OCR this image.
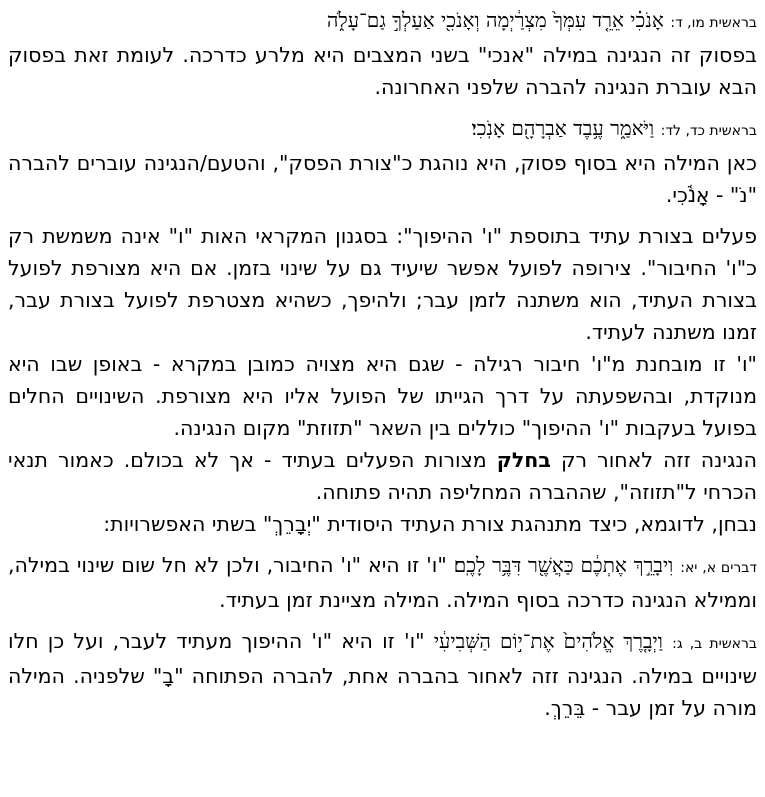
בראשית מו, ד: אָנֹכִ֗י אֵרֵ֤ד עִמְּךָ֙ מִצְרַ֔יְמָה וְאָנֹכִ֖י אַעַלְךָ֣ גַם־עָלֹ֑ה

בפסוק זה הנגינה במילה "אנכי" בשני המצבים היא מלרע כדרכה. לעומת זאת בפסוק הבא עוברת הנגינה להברה שלפני האחרונה.

בראשית כד, לד: וַיֹּאמַ֑ר עֶ֥בֶד אַבְרָהָ֖ם אָנֹֽכִי׃

כאן המילה היא בסוף פסוק, היא נוהגת כ"צורת הפסק", והטעם/הנגינה עוברים להברה "נֹ" - אָנֹ֫כִי.

פעלים בצורת עתיד בתוספת "ו' ההיפוך": בסגנון המקראי האות "ו" אינה משמשת רק כ"ו' החיבור". צירופה לפועל אפשר שיעיד גם על שינוי בזמן. אם היא מצורפת לפועל בצורת העתיד, הוא משתנה לזמן עבר; ולהיפך, כשהיא מצטרפת לפועל בצורת עבר, זמנו משתנה לעתיד.

"ו' זו מובחנת מ"ו' חיבור רגילה - שגם היא מצויה כמובן במקרא - באופן שבו היא מנוקדת, ובהשפעתה על דרך הגייתו של הפועל אליו היא מצורפת. השינויים החלים בפועל בעקבות "ו' ההיפוך" כוללים בין השאר "תזוזת" מקום הנגינה.

הנגינה זזה לאחור רק בחלק מצורות הפעלים בעתיד - אך לא בכולם. כאמור תנאי הכרחי ל"תזוזה", שההברה המחליפה תהיה פתוחה.

נבחן, לדוגמא, כיצד מתנהגת צורת העתיד היסודית "יְבָרֵךְ" בשתי האפשרויות:

דברים א, יא: וִיבָרֵ֣ךְ אֶתְכֶ֔ם כַּאֲשֶׁ֖ר דִּבֶּ֥ר לָכֶֽם׃ "ו' זו היא "ו' החיבור, ולכן לא חל שום שינוי במילה, וממילא הנגינה כדרכה בסוף המילה. המילה מציינת זמן בעתיד.

בראשית ב, ג: וַיְבָ֤רֶךְ אֱלֹהִים֙ אֶת־י֣וֹם הַשְּׁבִיעִ֔י "ו' זו היא "ו' ההיפוך מעתיד לעבר, ועל כן חלו שינויים במילה. הנגינה זזה לאחור בהברה אחת, להברה הפתוחה "בָ" שלפניה. המילה מורה על זמן עבר - בֵּרֵךְ.
